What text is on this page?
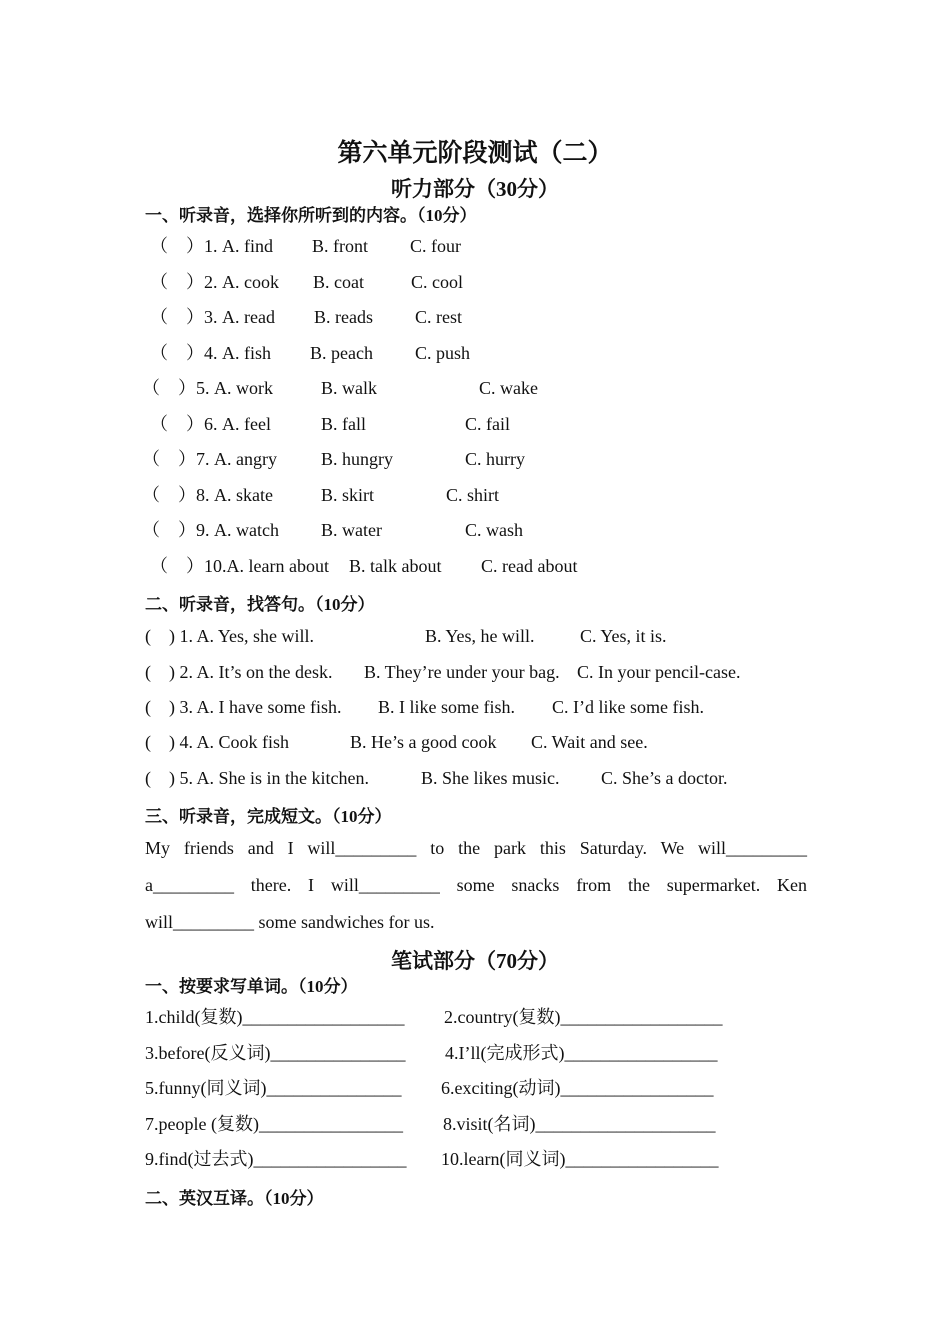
第六单元阶段测试（二）
听力部分（30分）
一、听录音，选择你所听到的内容。（10分）
（　）1. A. find B. front C. four
（　）2. A. cook B. coat	C. cool
（　）3. A. read B. reads C. rest
（　）4. A. fish B. peach C. push
（　）5. A. work	B. walk	C. wake
（　）6. A. feel	B. fall	C. fail
（　）7. A. angry B. hungry	C. hurry
（　）8. A. skate	B. skirt	C. shirt
（　）9. A. watch B. water	C. wash
（　）10.A. learn about B. talk about C. read about
二、听录音，找答句。（10分）
(　) 1. A. Yes, she will.	B. Yes, he will.	C. Yes, it is.
(　) 2. A. It’s on the desk. B. They’re under your bag. C. In your pencil-case.
(　) 3. A. I have some fish. B. I like some fish. C. I’d like some fish.
(　) 4. A. Cook fish	B. He’s a good cook C. Wait and see.
(　) 5. A. She is in the kitchen.	B. She likes music. C. She’s a doctor.
三、听录音，完成短文。（10分）
My friends and I will_________ to the park this Saturday. We will_________
a_________ there. I will_________ some snacks from the supermarket. Ken
will_________ some sandwiches for us.
笔试部分（70分）
一、按要求写单词。（10分）
1.child(复数)__________________ 2.country(复数)__________________
3.before(反义词)_______________ 4.I’ll(完成形式)_________________
5.funny(同义词)_______________ 6.exciting(动词)_________________
7.people (复数)________________ 8.visit(名词)____________________
9.find(过去式)_________________ 10.learn(同义词)_________________
二、英汉互译。（10分）
